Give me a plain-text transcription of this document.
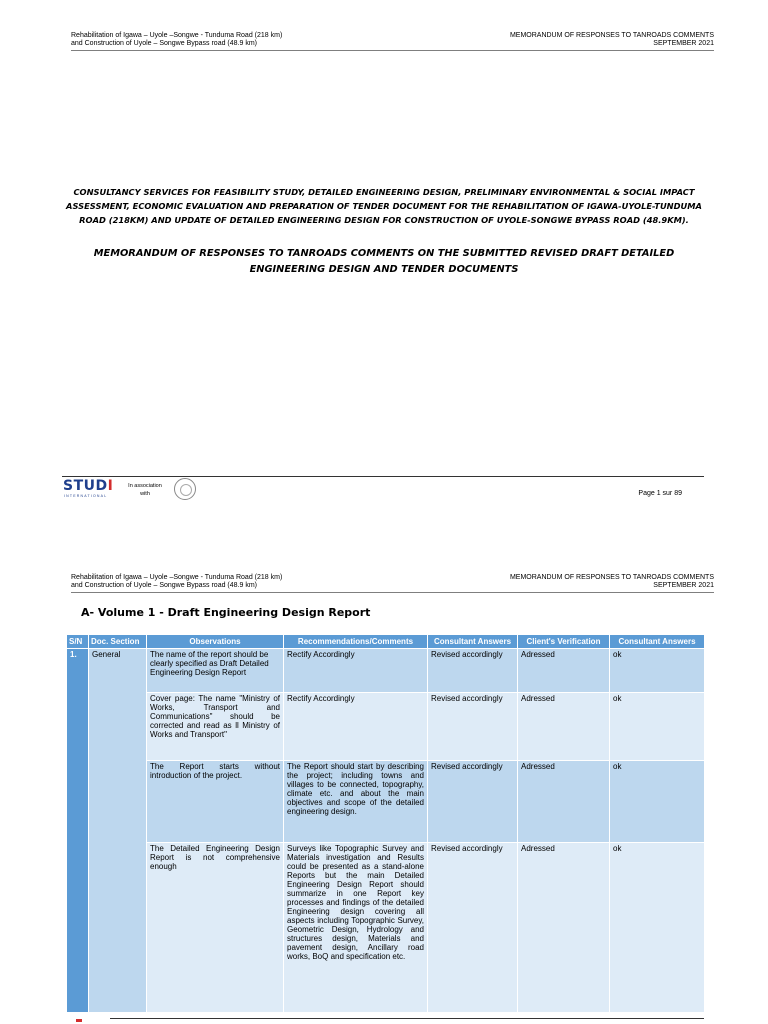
Rehabilitation of Igawa – Uyole –Songwe - Tunduma Road (218 km)
and Construction of Uyole – Songwe Bypass road (48.9 km)
MEMORANDUM OF RESPONSES TO TANROADS COMMENTS
SEPTEMBER 2021
CONSULTANCY SERVICES FOR FEASIBILITY STUDY, DETAILED ENGINEERING DESIGN, PRELIMINARY ENVIRONMENTAL & SOCIAL IMPACT ASSESSMENT, ECONOMIC EVALUATION AND PREPARATION OF TENDER DOCUMENT FOR THE REHABILITATION OF IGAWA-UYOLE-TUNDUMA ROAD (218KM) AND UPDATE OF DETAILED ENGINEERING DESIGN FOR CONSTRUCTION OF UYOLE-SONGWE BYPASS ROAD (48.9KM).
MEMORANDUM OF RESPONSES TO TANROADS COMMENTS ON THE SUBMITTED REVISED DRAFT DETAILED ENGINEERING DESIGN AND TENDER DOCUMENTS
STUDI
INTERNATIONAL
In association
with	Page 1 sur 89
Rehabilitation of Igawa – Uyole –Songwe - Tunduma Road (218 km)
and Construction of Uyole – Songwe Bypass road (48.9 km)
MEMORANDUM OF RESPONSES TO TANROADS COMMENTS
SEPTEMBER 2021
A- Volume 1 - Draft Engineering Design Report
S/N	Doc. Section	Observations	Recommendations/Comments	Consultant Answers	Client's Verification	Consultant Answers
1.	General	The name of the report should be clearly specified as Draft Detailed Engineering Design Report	Rectify Accordingly	Revised accordingly	Adressed	ok
		Cover page: The name "Ministry of Works, Transport and Communications" should be corrected and read as ll Ministry of Works and Transport"	Rectify Accordingly	Revised accordingly	Adressed	ok
		The Report starts without introduction of the project.	The Report should start by describing the project; including towns and villages to be connected, topography, climate etc. and about the main objectives and scope of the detailed engineering design.	Revised accordingly	Adressed	ok
		The Detailed Engineering Design Report is not comprehensive enough	Surveys like Topographic Survey and Materials investigation and Results could be presented as a stand-alone Reports but the main Detailed Engineering Design Report should summarize in one Report key processes and findings of the detailed Engineering design covering all aspects including Topographic Survey, Geometric Design, Hydrology and structures design, Materials and pavement design, Ancillary road works, BoQ and specification etc.	Revised accordingly	Adressed	ok
